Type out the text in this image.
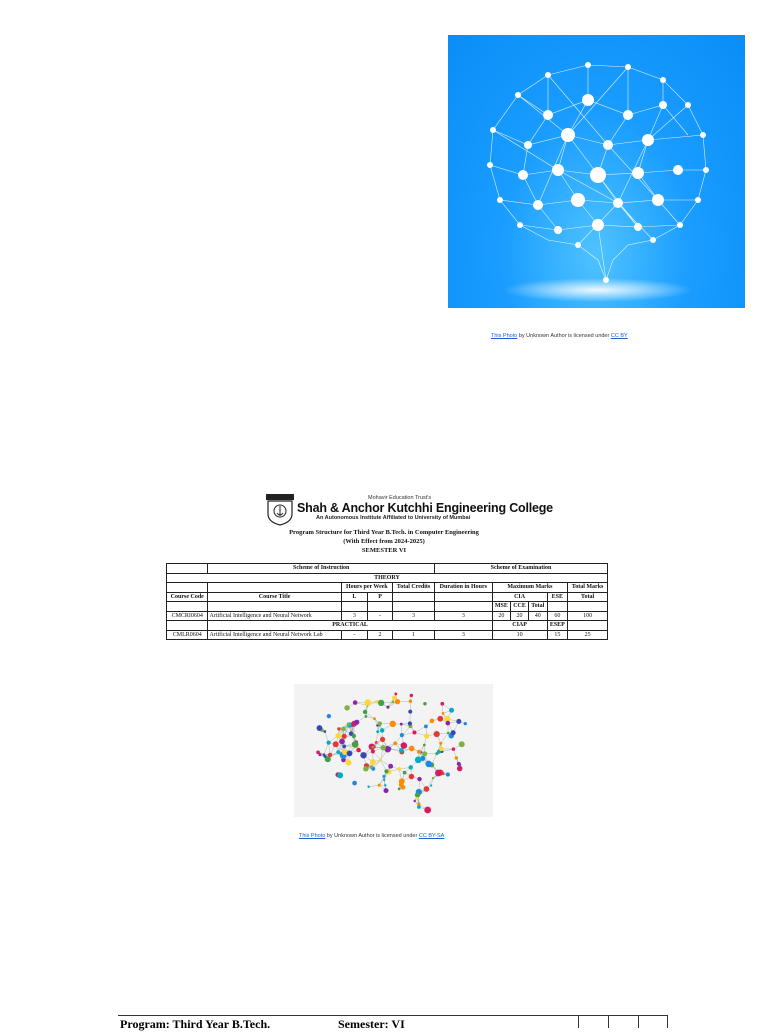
This Photo by Unknown Author is licensed under CC BY
Mohavir Education Trust's
Shah & Anchor Kutchhi Engineering College
An Autonomous Institute Affiliated to University of Mumbai
Program Structure for Third Year B.Tech. in Computer Engineering
(With Effect from 2024-2025)
SEMESTER VI
	Scheme of Instruction				Scheme of Examination					
THEORY										
		Hours per Week		Total Credits	Duration in Hours	Maximum Marks				Total Marks
Course Code	Course Title	L	P			CIA			ESE	Total
						MSE	CCE	Total		
CMCRI0604	Artificial Intelligence and Neural Network	3	-	3	3	20	20	40	60	100
	PRACTICAL					CIAP			ESEP	
CMLR0604	Artificial Intelligence and Neural Network Lab	-	2	1	3	10			15	25
This Photo by Unknown Author is licensed under CC BY-SA
Program: Third Year B.Tech.	Semester: VI
